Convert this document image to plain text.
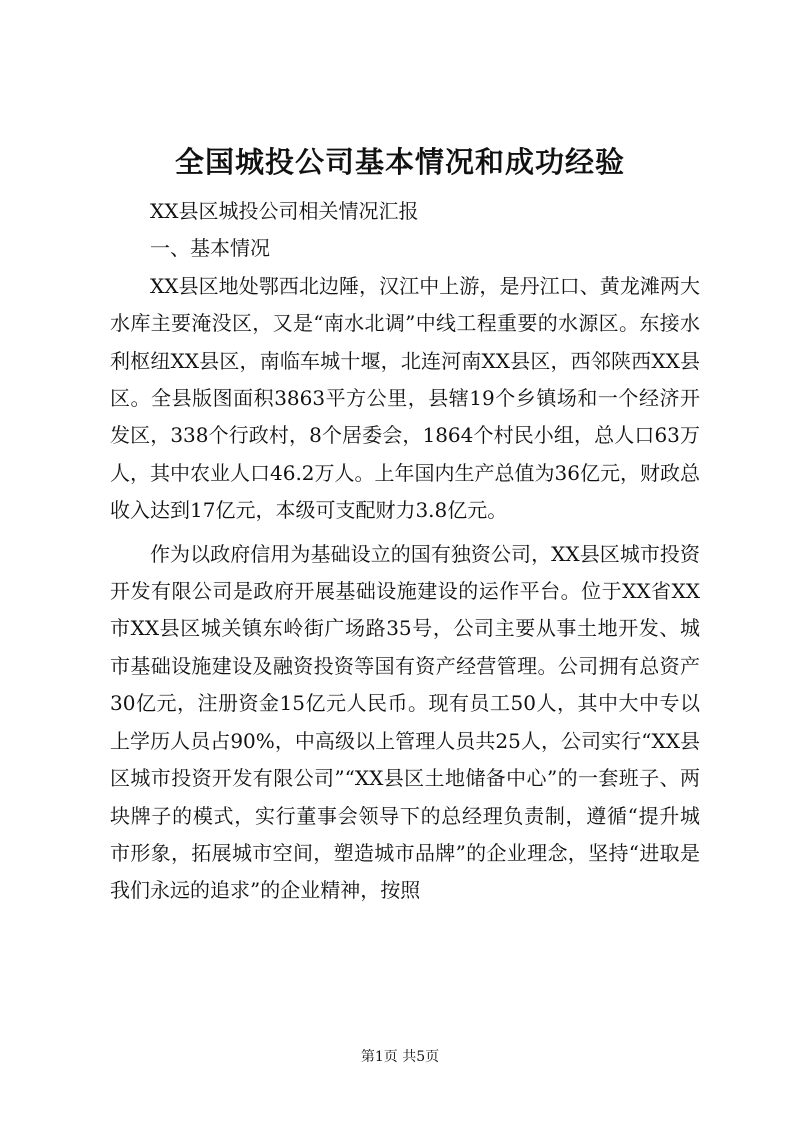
全国城投公司基本情况和成功经验

XX县区城投公司相关情况汇报

一、基本情况

XX县区地处鄂西北边陲，汉江中上游，是丹江口、黄龙滩两大水库主要淹没区，又是“南水北调”中线工程重要的水源区。东接水利枢纽XX县区，南临车城十堰，北连河南XX县区，西邻陕西XX县区。全县版图面积3863平方公里，县辖19个乡镇场和一个经济开发区，338个行政村，8个居委会，1864个村民小组，总人口63万人，其中农业人口46.2万人。上年国内生产总值为36亿元，财政总收入达到17亿元，本级可支配财力3.8亿元。

作为以政府信用为基础设立的国有独资公司，XX县区城市投资开发有限公司是政府开展基础设施建设的运作平台。位于XX省XX市XX县区城关镇东岭街广场路35号，公司主要从事土地开发、城市基础设施建设及融资投资等国有资产经营管理。公司拥有总资产30亿元，注册资金15亿元人民币。现有员工50人，其中大中专以上学历人员占90%，中高级以上管理人员共25人，公司实行“XX县区城市投资开发有限公司”“XX县区土地储备中心”的一套班子、两块牌子的模式，实行董事会领导下的总经理负责制，遵循“提升城市形象，拓展城市空间，塑造城市品牌”的企业理念，坚持“进取是我们永远的追求”的企业精神，按照

第1页 共5页
